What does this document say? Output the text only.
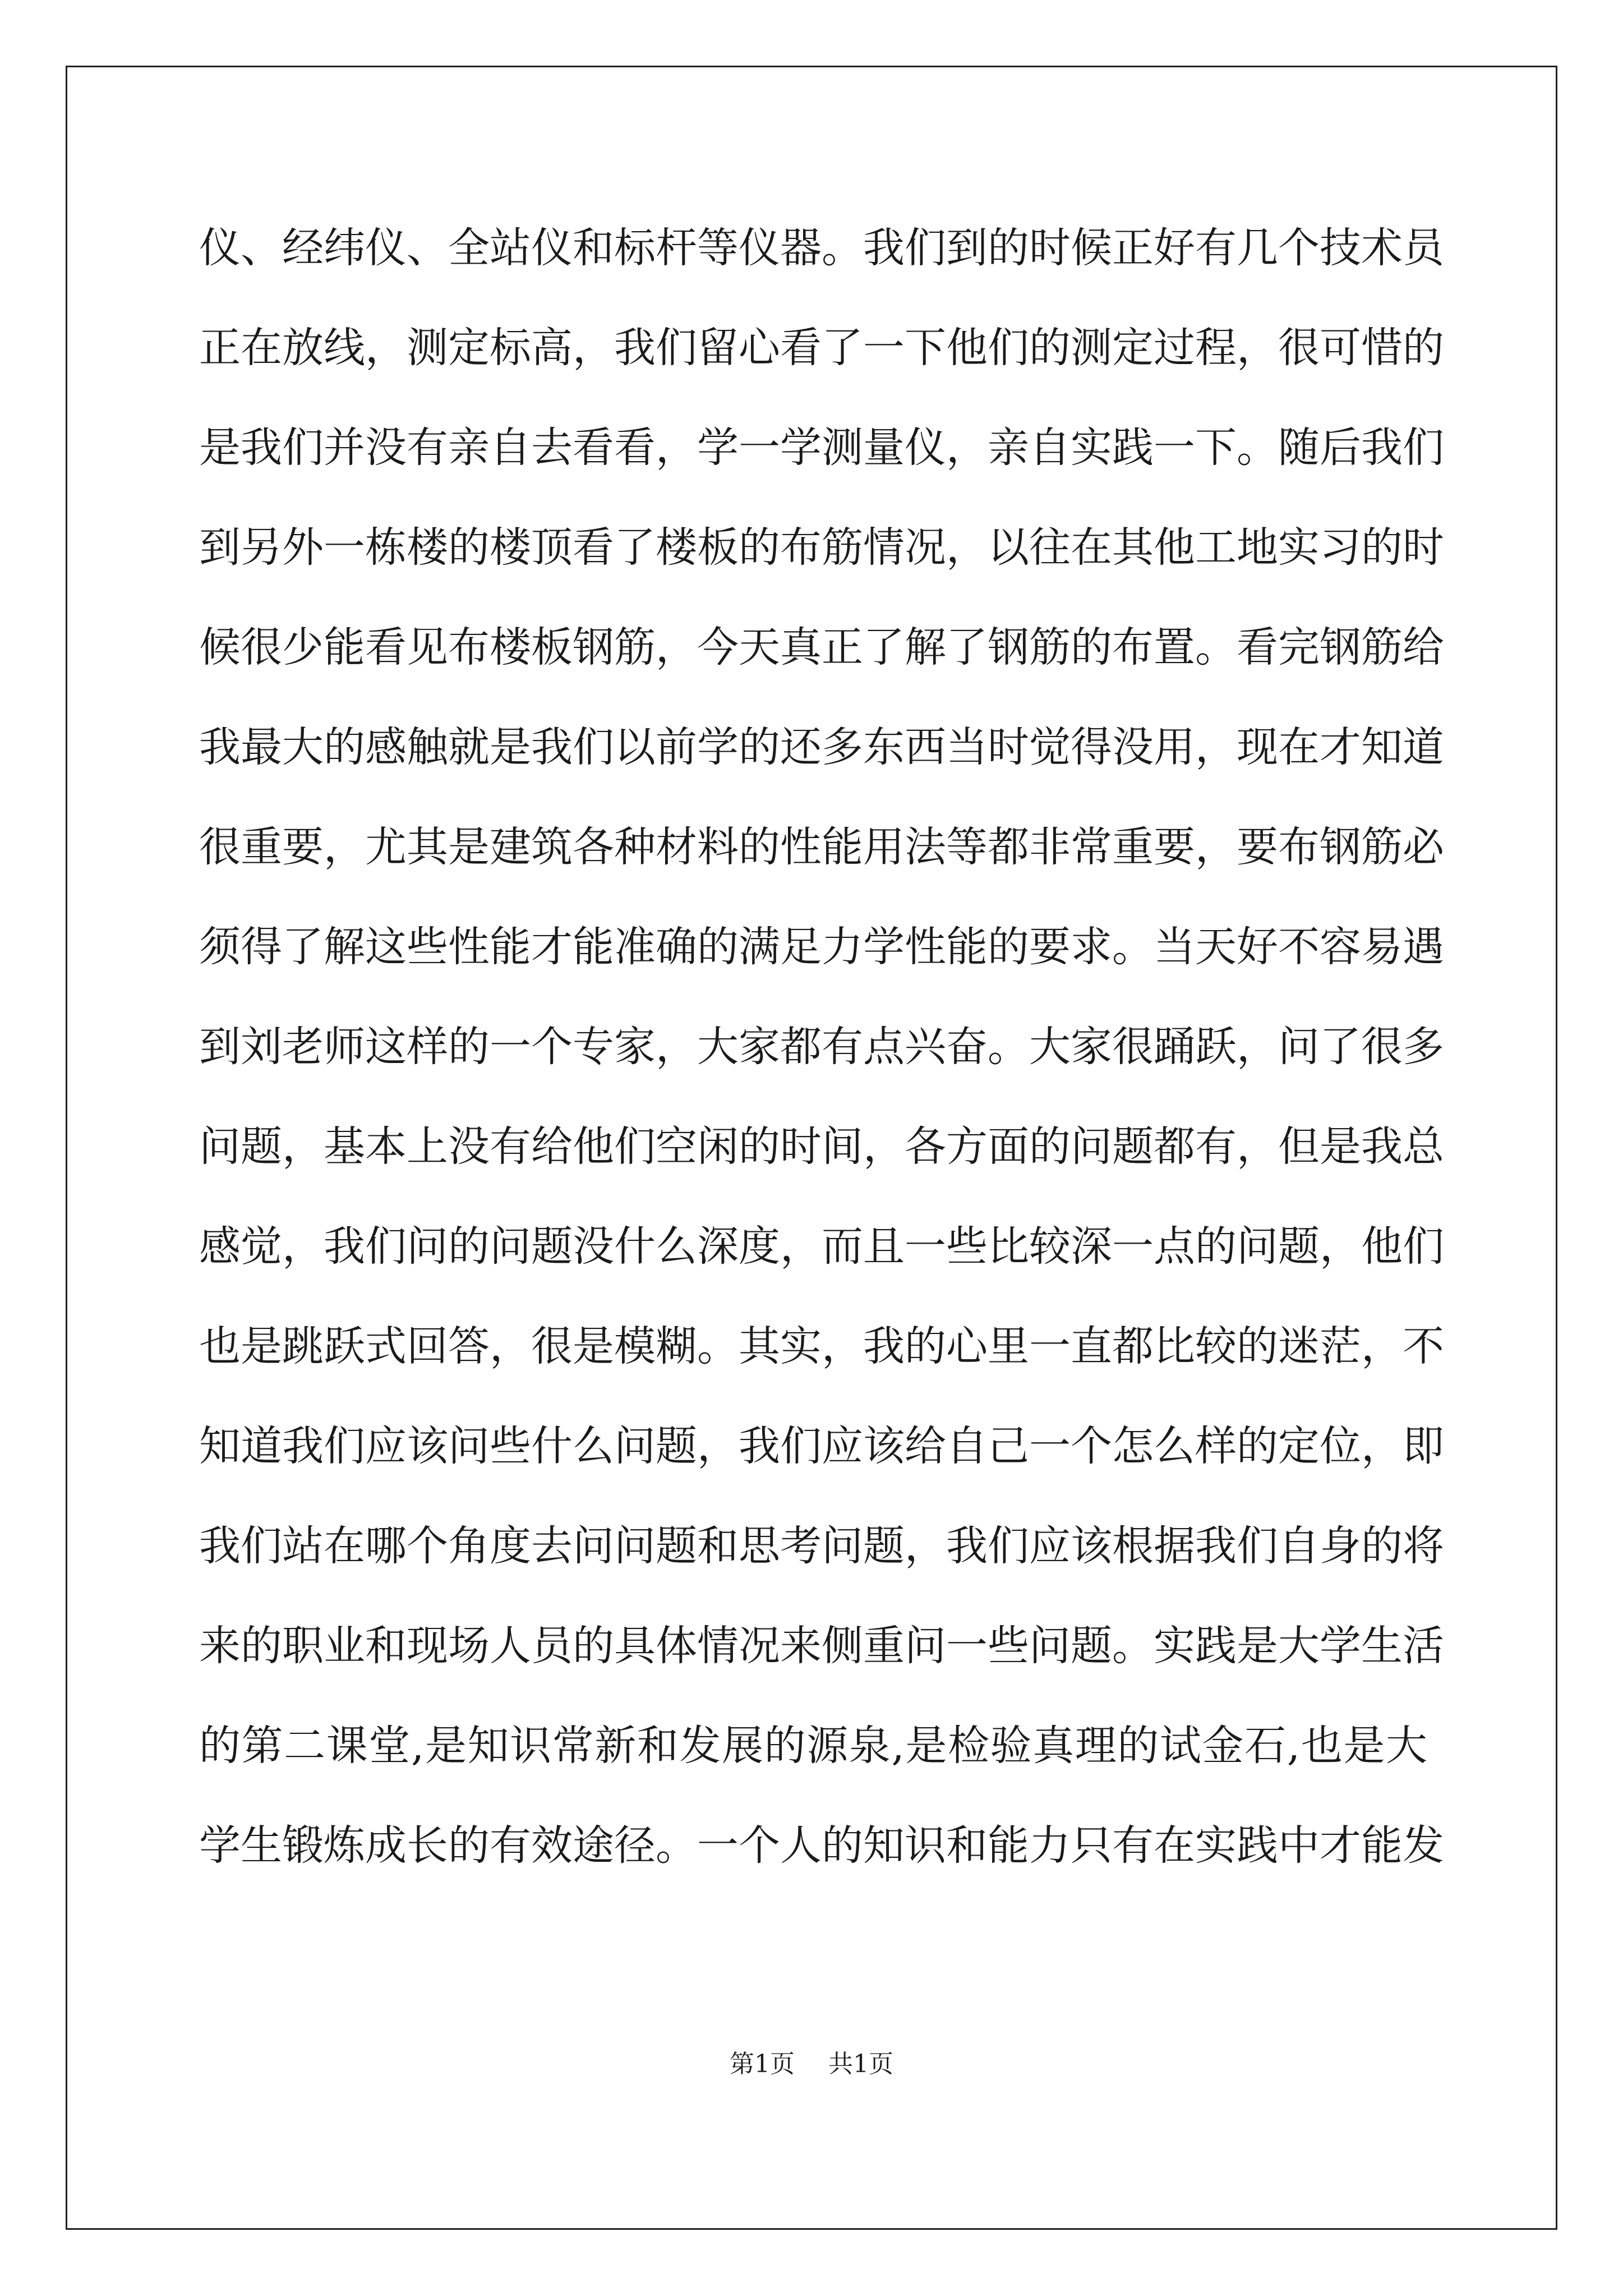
仪、经纬仪、全站仪和标杆等仪器。我们到的时候正好有几个技术员
正在放线，测定标高，我们留心看了一下他们的测定过程，很可惜的
是我们并没有亲自去看看，学一学测量仪，亲自实践一下。随后我们
到另外一栋楼的楼顶看了楼板的布筋情况，以往在其他工地实习的时
候很少能看见布楼板钢筋，今天真正了解了钢筋的布置。看完钢筋给
我最大的感触就是我们以前学的还多东西当时觉得没用，现在才知道
很重要，尤其是建筑各种材料的性能用法等都非常重要，要布钢筋必
须得了解这些性能才能准确的满足力学性能的要求。当天好不容易遇
到刘老师这样的一个专家，大家都有点兴奋。大家很踊跃，问了很多
问题，基本上没有给他们空闲的时间，各方面的问题都有，但是我总
感觉，我们问的问题没什么深度，而且一些比较深一点的问题，他们
也是跳跃式回答，很是模糊。其实，我的心里一直都比较的迷茫，不
知道我们应该问些什么问题，我们应该给自己一个怎么样的定位，即
我们站在哪个角度去问问题和思考问题，我们应该根据我们自身的将
来的职业和现场人员的具体情况来侧重问一些问题。实践是大学生活
的第二课堂,是知识常新和发展的源泉,是检验真理的试金石,也是大
学生锻炼成长的有效途径。一个人的知识和能力只有在实践中才能发
第1页 共1页
